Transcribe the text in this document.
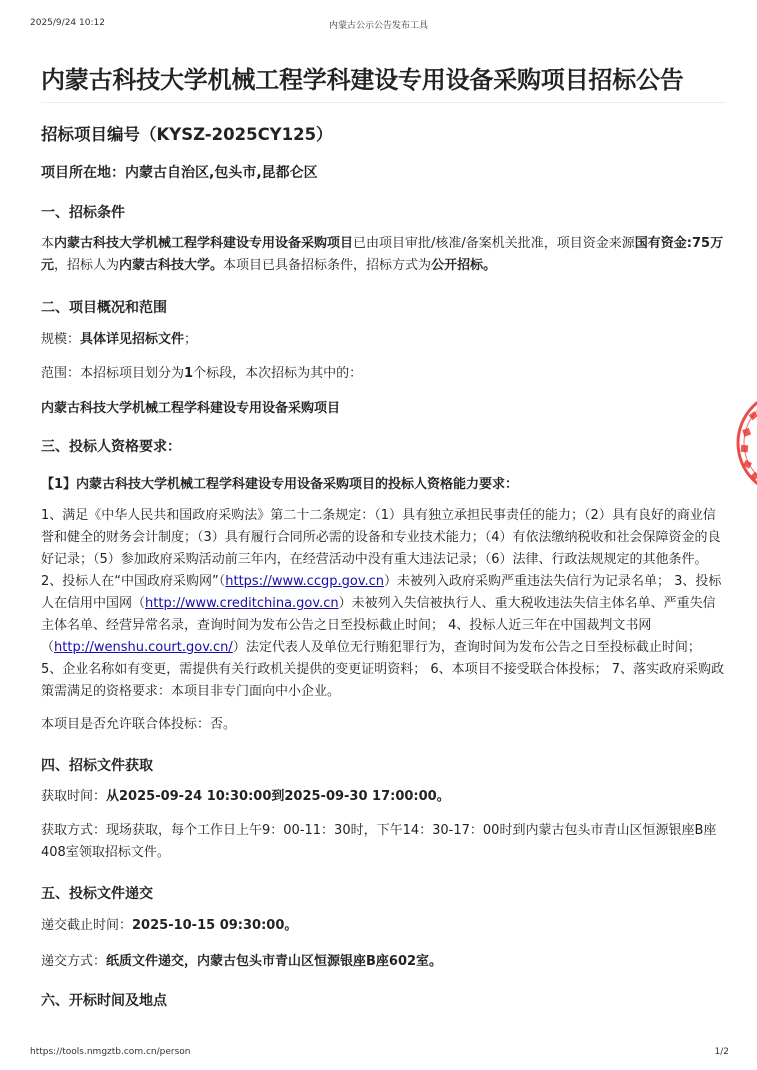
2025/9/24 10:12	内蒙古公示公告发布工具
内蒙古科技大学机械工程学科建设专用设备采购项目招标公告
招标项目编号（KYSZ-2025CY125）
项目所在地：内蒙古自治区,包头市,昆都仑区
一、招标条件

本内蒙古科技大学机械工程学科建设专用设备采购项目已由项目审批/核准/备案机关批准，项目资金来源国有资金:75万元，招标人为内蒙古科技大学。本项目已具备招标条件，招标方式为公开招标。

二、项目概况和范围

规模：具体详见招标文件；

范围：本招标项目划分为1个标段，本次招标为其中的：

内蒙古科技大学机械工程学科建设专用设备采购项目

三、投标人资格要求：

【1】内蒙古科技大学机械工程学科建设专用设备采购项目的投标人资格能力要求：

1、满足《中华人民共和国政府采购法》第二十二条规定：（1）具有独立承担民事责任的能力；（2）具有良好的商业信誉和健全的财务会计制度；（3）具有履行合同所必需的设备和专业技术能力；（4）有依法缴纳税收和社会保障资金的良好记录；（5）参加政府采购活动前三年内，在经营活动中没有重大违法记录；（6）法律、行政法规规定的其他条件。 2、投标人在“中国政府采购网”（https://www.ccgp.gov.cn）未被列入政府采购严重违法失信行为记录名单； 3、投标人在信用中国网（http://www.creditchina.gov.cn）未被列入失信被执行人、重大税收违法失信主体名单、严重失信主体名单、经营异常名录，查询时间为发布公告之日至投标截止时间； 4、投标人近三年在中国裁判文书网（http://wenshu.court.gov.cn/）法定代表人及单位无行贿犯罪行为，查询时间为发布公告之日至投标截止时间； 5、企业名称如有变更，需提供有关行政机关提供的变更证明资料； 6、本项目不接受联合体投标； 7、落实政府采购政策需满足的资格要求：本项目非专门面向中小企业。

本项目是否允许联合体投标：否。

四、招标文件获取

获取时间：从2025-09-24 10:30:00到2025-09-30 17:00:00。

获取方式：现场获取，每个工作日上午9：00-11：30时，下午14：30-17：00时到内蒙古包头市青山区恒源银座B座408室领取招标文件。

五、投标文件递交

递交截止时间：2025-10-15 09:30:00。

递交方式：纸质文件递交，内蒙古包头市青山区恒源银座B座602室。

六、开标时间及地点
https://tools.nmgztb.com.cn/person	1/2
